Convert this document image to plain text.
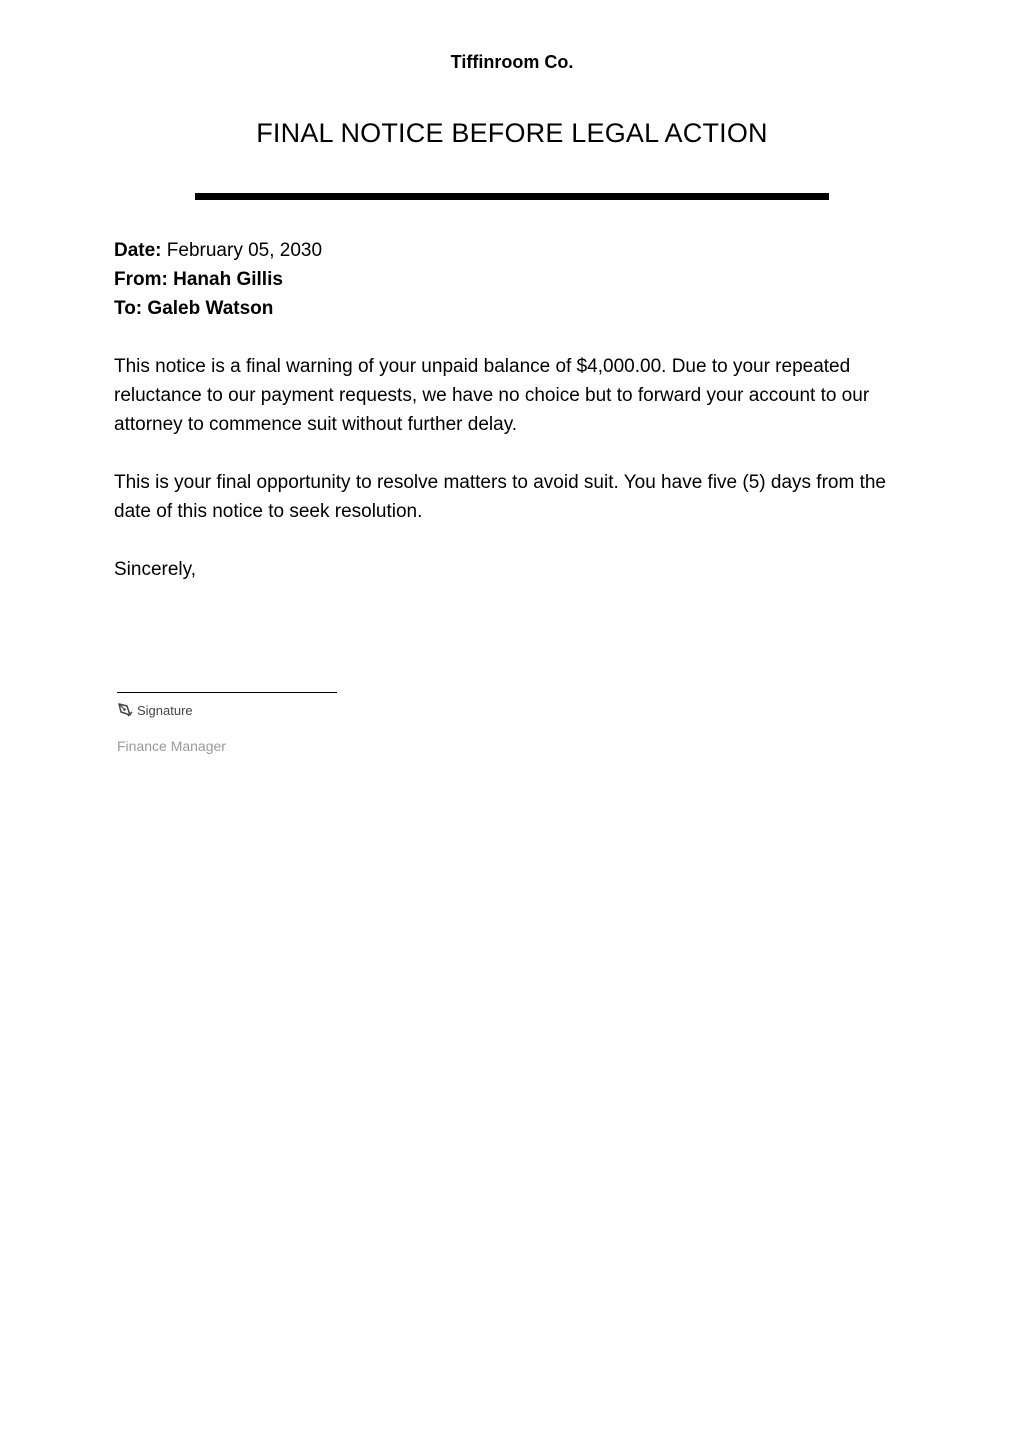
Tiffinroom Co.
FINAL NOTICE BEFORE LEGAL ACTION

Date: February 05, 2030

From: Hanah Gillis

To: Galeb Watson

This notice is a final warning of your unpaid balance of $4,000.00. Due to your repeated reluctance to our payment requests, we have no choice but to forward your account to our attorney to commence suit without further delay.

This is your final opportunity to resolve matters to avoid suit. You have five (5) days from the date of this notice to seek resolution.

Sincerely,

Signature
Finance Manager
